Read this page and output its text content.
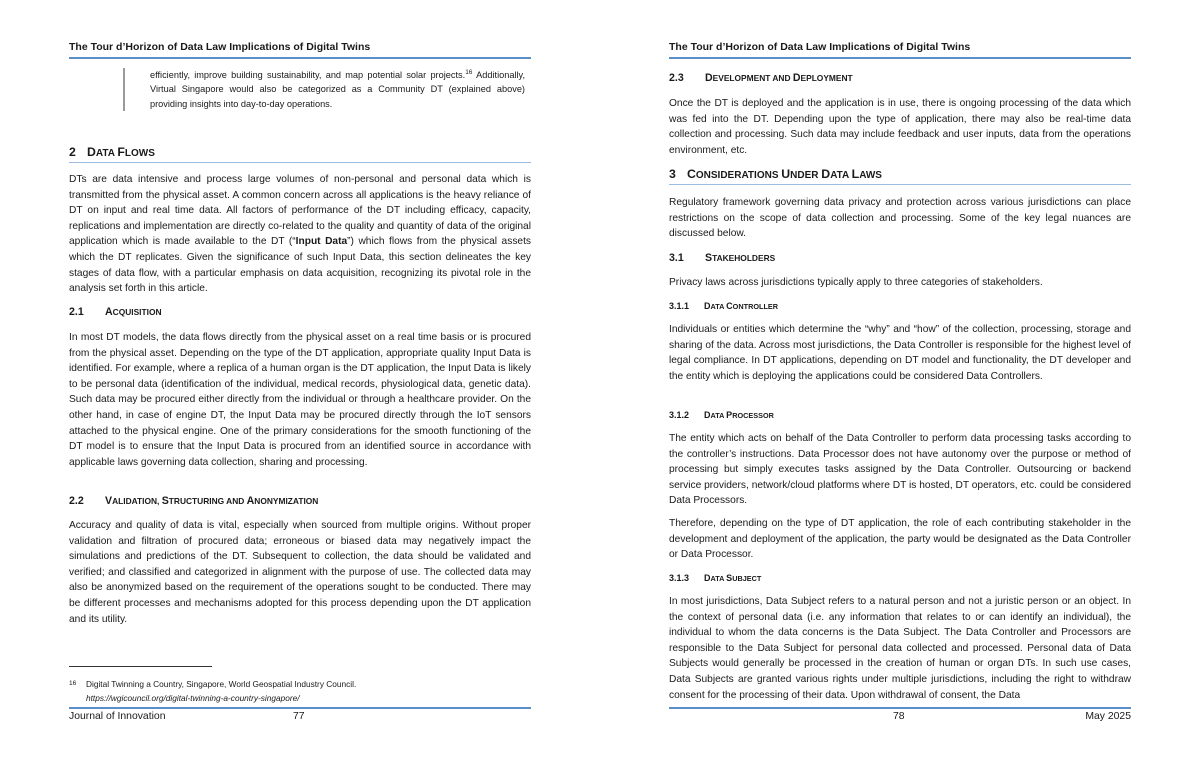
The Tour d’Horizon of Data Law Implications of Digital Twins

efficiently, improve building sustainability, and map potential solar projects.$^{16}$ Additionally, Virtual Singapore would also be categorized as a Community DT (explained above) providing insights into day-to-day operations.

2 DATA FLOWS

DTs are data intensive and process large volumes of non-personal and personal data which is transmitted from the physical asset. A common concern across all applications is the heavy reliance of DT on input and real time data. All factors of performance of the DT including efficacy, capacity, replications and implementation are directly co-related to the quality and quantity of data of the original application which is made available to the DT (“Input Data”) which flows from the physical assets which the DT replicates. Given the significance of such Input Data, this section delineates the key stages of data flow, with a particular emphasis on data acquisition, recognizing its pivotal role in the analysis set forth in this article.

2.1 ACQUISITION

In most DT models, the data flows directly from the physical asset on a real time basis or is procured from the physical asset. Depending on the type of the DT application, appropriate quality Input Data is identified. For example, where a replica of a human organ is the DT application, the Input Data is likely to be personal data (identification of the individual, medical records, physiological data, genetic data). Such data may be procured either directly from the individual or through a healthcare provider. On the other hand, in case of engine DT, the Input Data may be procured directly through the IoT sensors attached to the physical engine. One of the primary considerations for the smooth functioning of the DT model is to ensure that the Input Data is procured from an identified source in accordance with applicable laws governing data collection, sharing and processing.

2.2 VALIDATION, STRUCTURING AND ANONYMIZATION

Accuracy and quality of data is vital, especially when sourced from multiple origins. Without proper validation and filtration of procured data; erroneous or biased data may negatively impact the simulations and predictions of the DT. Subsequent to collection, the data should be validated and verified; and classified and categorized in alignment with the purpose of use. The collected data may also be anonymized based on the requirement of the operations sought to be conducted. There may be different processes and mechanisms adopted for this process depending upon the DT application and its utility.

16 Digital Twinning a Country, Singapore, World Geospatial Industry Council.
https://wgicouncil.org/digital-twinning-a-country-singapore/
Journal of Innovation	77
The Tour d’Horizon of Data Law Implications of Digital Twins
2.3 DEVELOPMENT AND DEPLOYMENT

Once the DT is deployed and the application is in use, there is ongoing processing of the data which was fed into the DT. Depending upon the type of application, there may also be real-time data collection and processing. Such data may include feedback and user inputs, data from the operations environment, etc.

3 CONSIDERATIONS UNDER DATA LAWS

Regulatory framework governing data privacy and protection across various jurisdictions can place restrictions on the scope of data collection and processing. Some of the key legal nuances are discussed below.

3.1 STAKEHOLDERS

Privacy laws across jurisdictions typically apply to three categories of stakeholders.

3.1.1 DATA CONTROLLER

Individuals or entities which determine the “why” and “how” of the collection, processing, storage and sharing of the data. Across most jurisdictions, the Data Controller is responsible for the highest level of legal compliance. In DT applications, depending on DT model and functionality, the DT developer and the entity which is deploying the applications could be considered Data Controllers.

3.1.2 DATA PROCESSOR

The entity which acts on behalf of the Data Controller to perform data processing tasks according to the controller’s instructions. Data Processor does not have autonomy over the purpose or method of processing but simply executes tasks assigned by the Data Controller. Outsourcing or backend service providers, network/cloud platforms where DT is hosted, DT operators, etc. could be considered Data Processors.

Therefore, depending on the type of DT application, the role of each contributing stakeholder in the development and deployment of the application, the party would be designated as the Data Controller or Data Processor.

3.1.3 DATA SUBJECT

In most jurisdictions, Data Subject refers to a natural person and not a juristic person or an object. In the context of personal data (i.e. any information that relates to or can identify an individual), the individual to whom the data concerns is the Data Subject. The Data Controller and Processors are responsible to the Data Subject for personal data collected and processed. Personal data of Data Subjects would generally be processed in the creation of human or organ DTs. In such use cases, Data Subjects are granted various rights under multiple jurisdictions, including the right to withdraw consent for the processing of their data. Upon withdrawal of consent, the Data

78	May 2025
